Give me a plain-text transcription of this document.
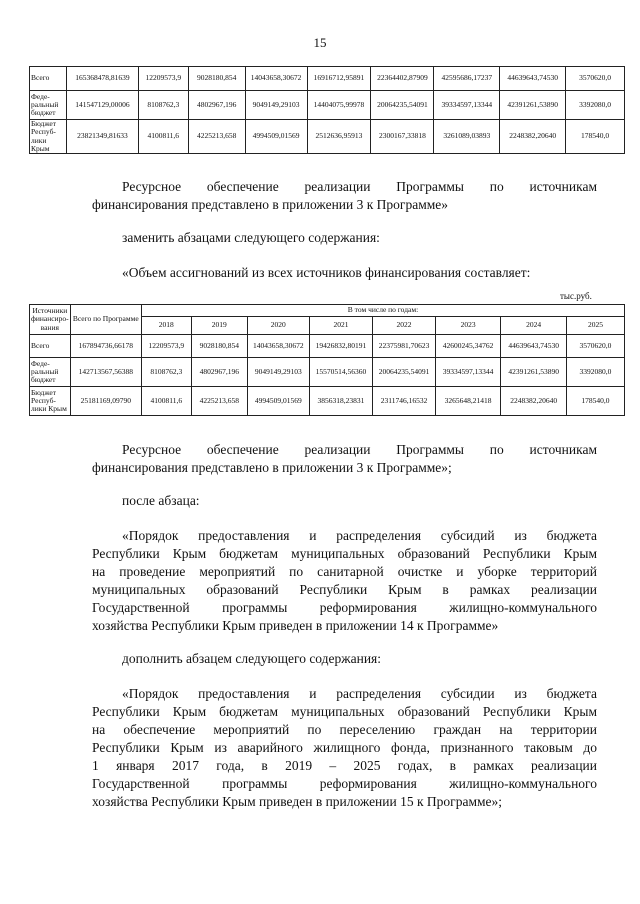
15
Всего	165368478,81639	12209573,9	9028180,854	14043658,30672	16916712,95891	22364402,87909	42595686,17237	44639643,74530	3570620,0
Феде-ральный бюджет	141547129,00006	8108762,3	4802967,196	9049149,29103	14404075,99978	20064235,54091	39334597,13344	42391261,53890	3392080,0
Бюджет Респуб-лики Крым	23821349,81633	4100811,6	4225213,658	4994509,01569	2512636,95913	2300167,33818	3261089,03893	2248382,20640	178540,0
Ресурсное обеспечение реализации Программы по источникам
финансирования представлено в приложении 3 к Программе»
заменить абзацами следующего содержания:
«Объем ассигнований из всех источников финансирования составляет:
тыс.руб.
Источники финансиро-вания	Всего по Программе	В том числе по годам:							
		2018	2019	2020	2021	2022	2023	2024	2025
Всего	167894736,66178	12209573,9	9028180,854	14043658,30672	19426832,80191	22375981,70623	42600245,34762	44639643,74530	3570620,0
Феде-ральный бюджет	142713567,56388	8108762,3	4802967,196	9049149,29103	15570514,56360	20064235,54091	39334597,13344	42391261,53890	3392080,0
Бюджет Респуб-лики Крым	25181169,09790	4100811,6	4225213,658	4994509,01569	3856318,23831	2311746,16532	3265648,21418	2248382,20640	178540,0
Ресурсное обеспечение реализации Программы по источникам
финансирования представлено в приложении 3 к Программе»;
после абзаца:
«Порядок предоставления и распределения субсидий из бюджета
Республики Крым бюджетам муниципальных образований Республики Крым
на проведение мероприятий по санитарной очистке и уборке территорий
муниципальных образований Республики Крым в рамках реализации
Государственной программы реформирования жилищно-коммунального
хозяйства Республики Крым приведен в приложении 14 к Программе»
дополнить абзацем следующего содержания:
«Порядок предоставления и распределения субсидии из бюджета
Республики Крым бюджетам муниципальных образований Республики Крым
на обеспечение мероприятий по переселению граждан на территории
Республики Крым из аварийного жилищного фонда, признанного таковым до
1 января 2017 года, в 2019 – 2025 годах, в рамках реализации
Государственной программы реформирования жилищно-коммунального
хозяйства Республики Крым приведен в приложении 15 к Программе»;
